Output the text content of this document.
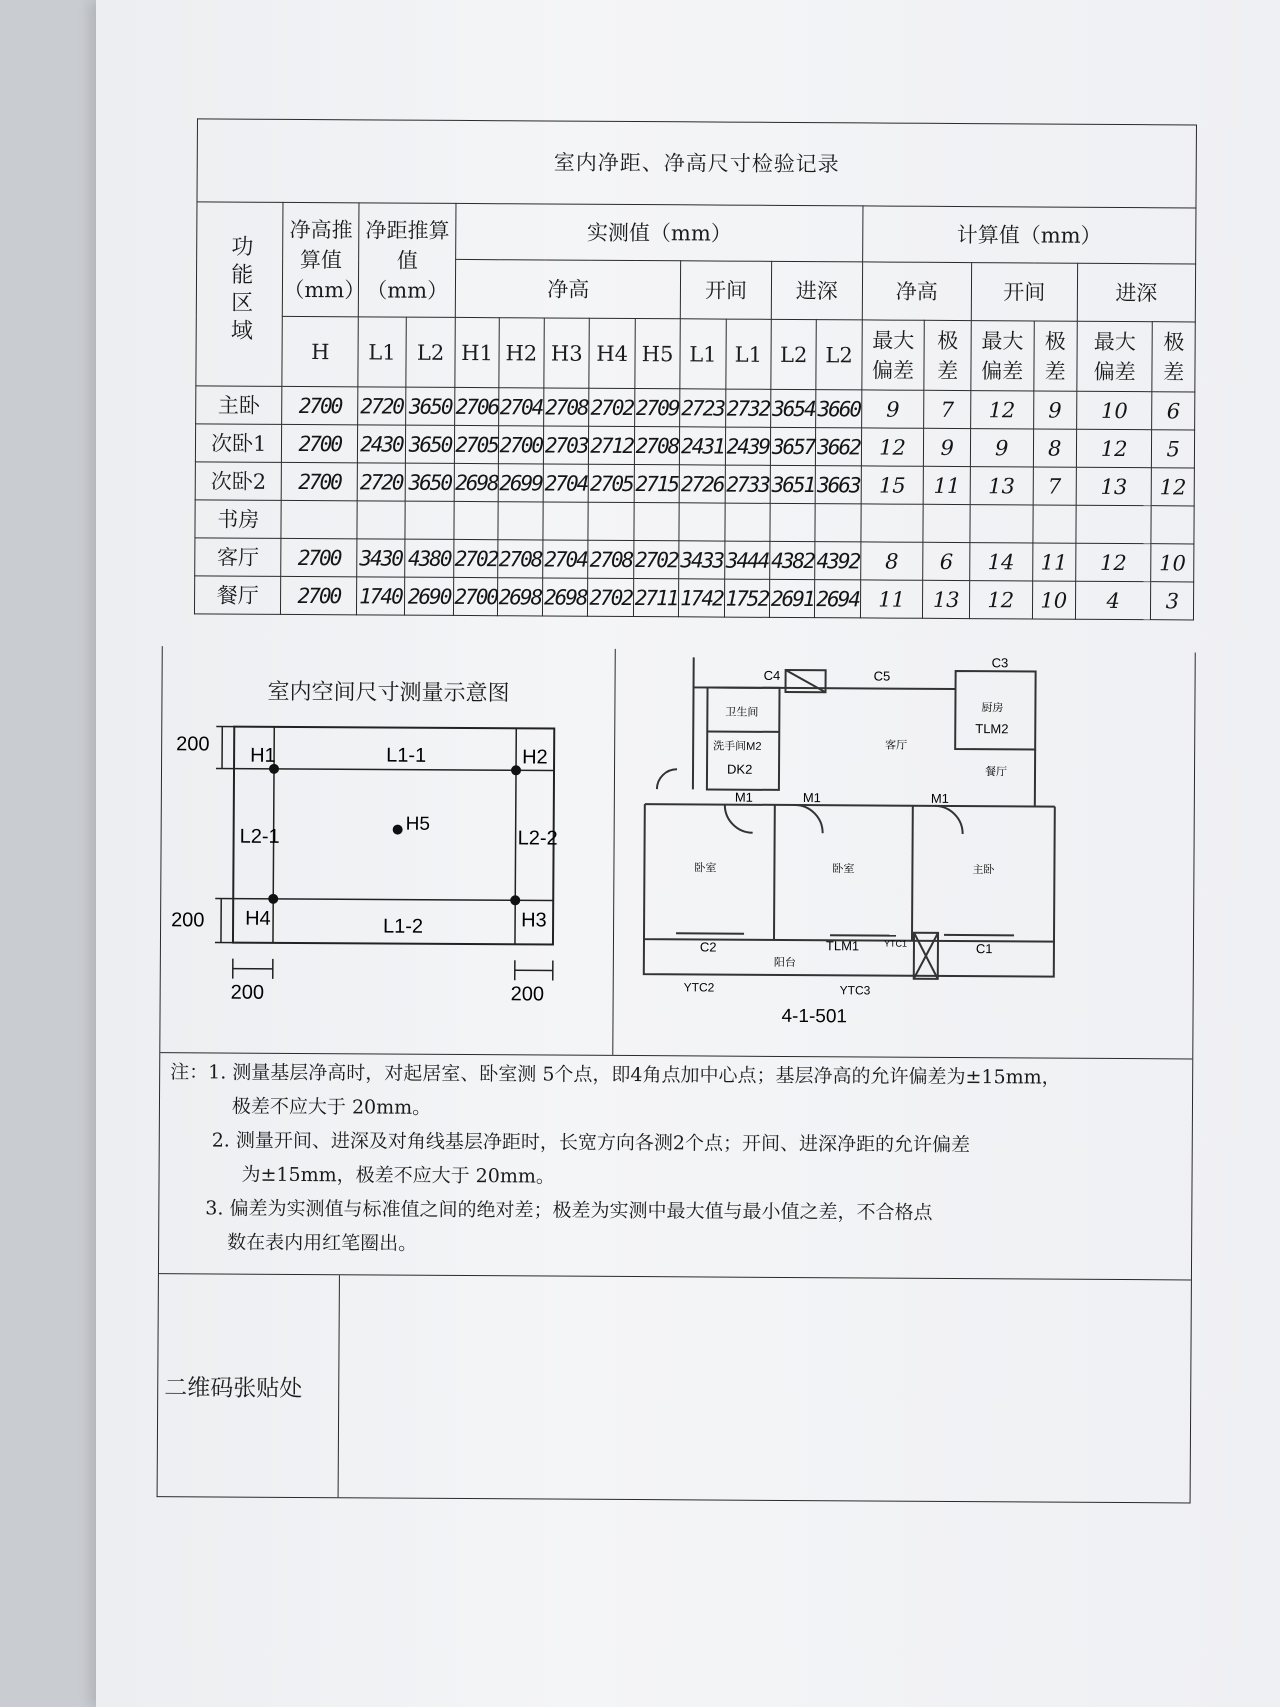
室内净距、净高尺寸检验记录																		
功能区域	净高推算值（mm）	净距推算值（mm）		实测值（mm）									计算值（mm）					
				净高					开间		进深		净高		开间		进深	
	H	L1	L2	H1	H2	H3	H4	H5	L1	L1	L2	L2	最大偏差	极差	最大偏差	极差	最大偏差	极差
主卧	2700	2720	3650	2706	2704	2708	2702	2709	2723	2732	3654	3660	9	7	12	9	10	6
次卧1	2700	2430	3650	2705	2700	2703	2712	2708	2431	2439	3657	3662	12	9	9	8	12	5
次卧2	2700	2720	3650	2698	2699	2704	2705	2715	2726	2733	3651	3663	15	11	13	7	13	12
书房																		
客厅	2700	3430	4380	2702	2708	2704	2708	2702	3433	3444	4382	4392	8	6	14	11	12	10
餐厅	2700	1740	2690	2700	2698	2698	2702	2711	1742	1752	2691	2694	11	13	12	10	4	3
室内空间尺寸测量示意图
H1	H2
H3
H4
H5
L1-1
L1-2
L2-1	L2-2
200
200
200	200
C4	C5
C3
卫生间	厨房
TLM2
洗手间M2	客厅
DK2	餐厅
M1	M1	M1
卧室	卧室	主卧
C2	TLM1	C1
阳台
YTC1
YTC2	YTC3
4-1-501
注：1. 测量基层净高时，对起居室、卧室测 5个点，即4角点加中心点；基层净高的允许偏差为±15mm，
极差不应大于 20mm。
2. 测量开间、进深及对角线基层净距时，长宽方向各测2个点；开间、进深净距的允许偏差
为±15mm，极差不应大于 20mm。
3. 偏差为实测值与标准值之间的绝对差；极差为实测中最大值与最小值之差，不合格点
数在表内用红笔圈出。
二维码张贴处
